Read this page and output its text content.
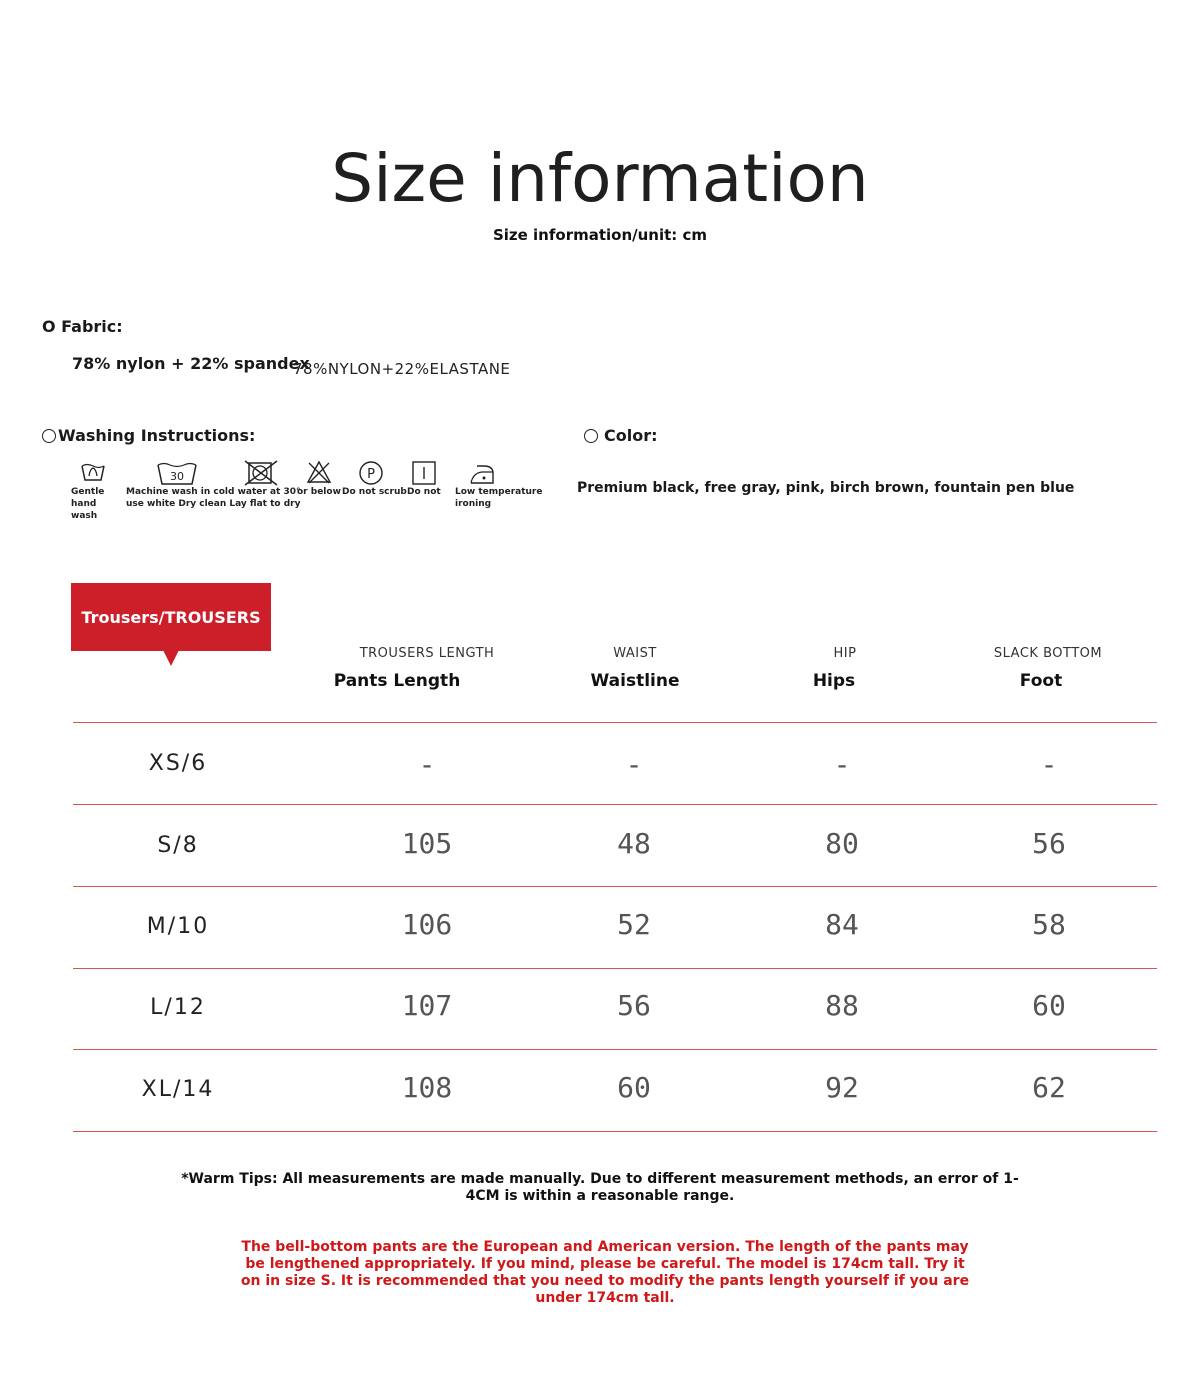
Size information
Size information/unit: cm
O Fabric:
78% nylon + 22% spandex
78%NYLON+22%ELASTANE
Washing Instructions:	Color:
Premium black, free gray, pink, birch brown, fountain pen blue
Gentle
hand
wash
30
Machine wash in cold water at 30°
use white Dry clean Lay flat to dry
or below Do not scrub
P
Do not Low temperature
ironing
Trousers/TROUSERS
TROUSERS LENGTH
Pants Length
WAIST
Waistline
HIP
Hips
SLACK BOTTOM
Foot
XS/6	-	-	-	-
S/8	105	48	80	56
M/10	106	52	84	58
L/12	107	56	88	60
XL/14	108	60	92	62
*Warm Tips: All measurements are made manually. Due to different measurement methods, an error of 1-4CM is within a reasonable range.
The bell-bottom pants are the European and American version. The length of the pants may be lengthened appropriately. If you mind, please be careful. The model is 174cm tall. Try it on in size S. It is recommended that you need to modify the pants length yourself if you are under 174cm tall.
